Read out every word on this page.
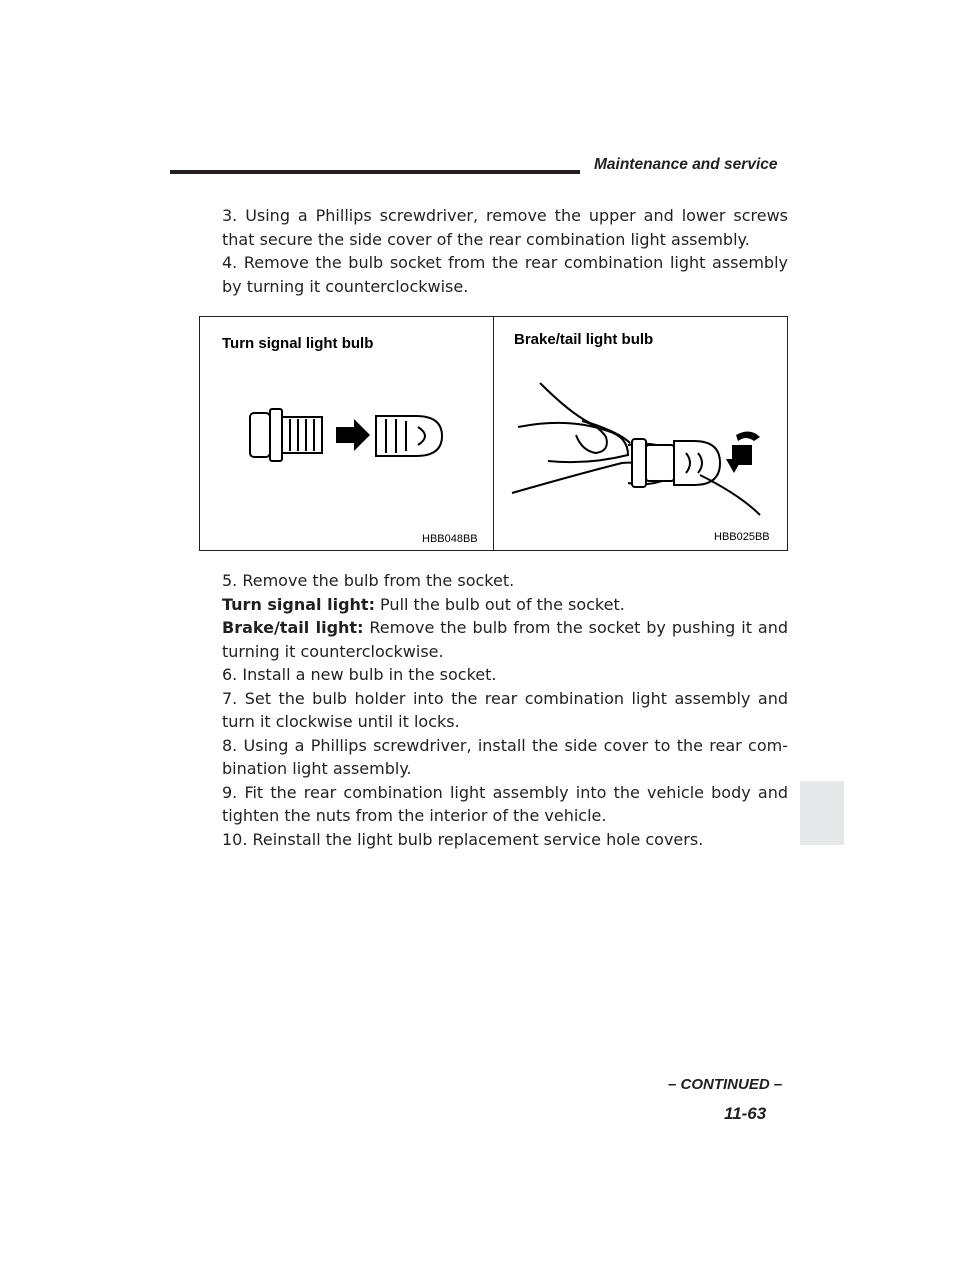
Maintenance and service

3. Using a Phillips screwdriver, remove the upper and lower screws that secure the side cover of the rear combination light assembly.

4. Remove the bulb socket from the rear combination light assembly by turning it counterclockwise.

Turn signal light bulb
HBB048BB
Brake/tail light bulb
HBB025BB

5. Remove the bulb from the socket.

Turn signal light: Pull the bulb out of the socket.

Brake/tail light: Remove the bulb from the socket by pushing it and turning it counterclockwise.

6. Install a new bulb in the socket.

7. Set the bulb holder into the rear combination light assembly and turn it clockwise until it locks.

8. Using a Phillips screwdriver, install the side cover to the rear com-bination light assembly.

9. Fit the rear combination light assembly into the vehicle body and tighten the nuts from the interior of the vehicle.

10. Reinstall the light bulb replacement service hole covers.

– CONTINUED –
11-63
